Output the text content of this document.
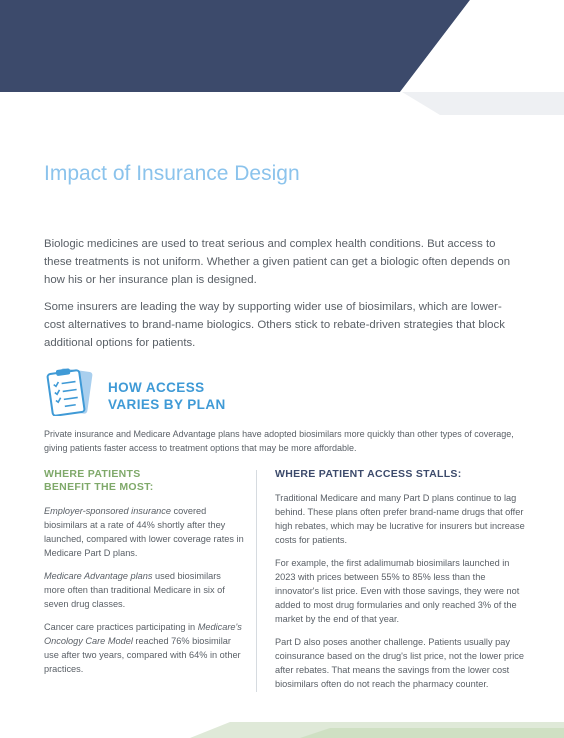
ACCESS TO BIOSIMILARS
Impact of Insurance Design

Biologic medicines are used to treat serious and complex health conditions. But access to these treatments is not uniform. Whether a given patient can get a biologic often depends on how his or her insurance plan is designed.

Some insurers are leading the way by supporting wider use of biosimilars, which are lower-cost alternatives to brand-name biologics. Others stick to rebate-driven strategies that block additional options for patients.

HOW ACCESS
VARIES BY PLAN
Private insurance and Medicare Advantage plans have adopted biosimilars more quickly than other types of coverage, giving patients faster access to treatment options that may be more affordable.
WHERE PATIENTS
BENEFIT THE MOST:

Employer-sponsored insurance covered biosimilars at a rate of 44% shortly after they launched, compared with lower coverage rates in Medicare Part D plans.

Medicare Advantage plans used biosimilars more often than traditional Medicare in six of seven drug classes.

Cancer care practices participating in Medicare's Oncology Care Model reached 76% biosimilar use after two years, compared with 64% in other practices.

WHERE PATIENT ACCESS STALLS:

Traditional Medicare and many Part D plans continue to lag behind. These plans often prefer brand-name drugs that offer high rebates, which may be lucrative for insurers but increase costs for patients.

For example, the first adalimumab biosimilars launched in 2023 with prices between 55% to 85% less than the innovator's list price. Even with those savings, they were not added to most drug formularies and only reached 3% of the market by the end of that year.

Part D also poses another challenge. Patients usually pay coinsurance based on the drug's list price, not the lower price after rebates. That means the savings from the lower cost biosimilars often do not reach the pharmacy counter.
